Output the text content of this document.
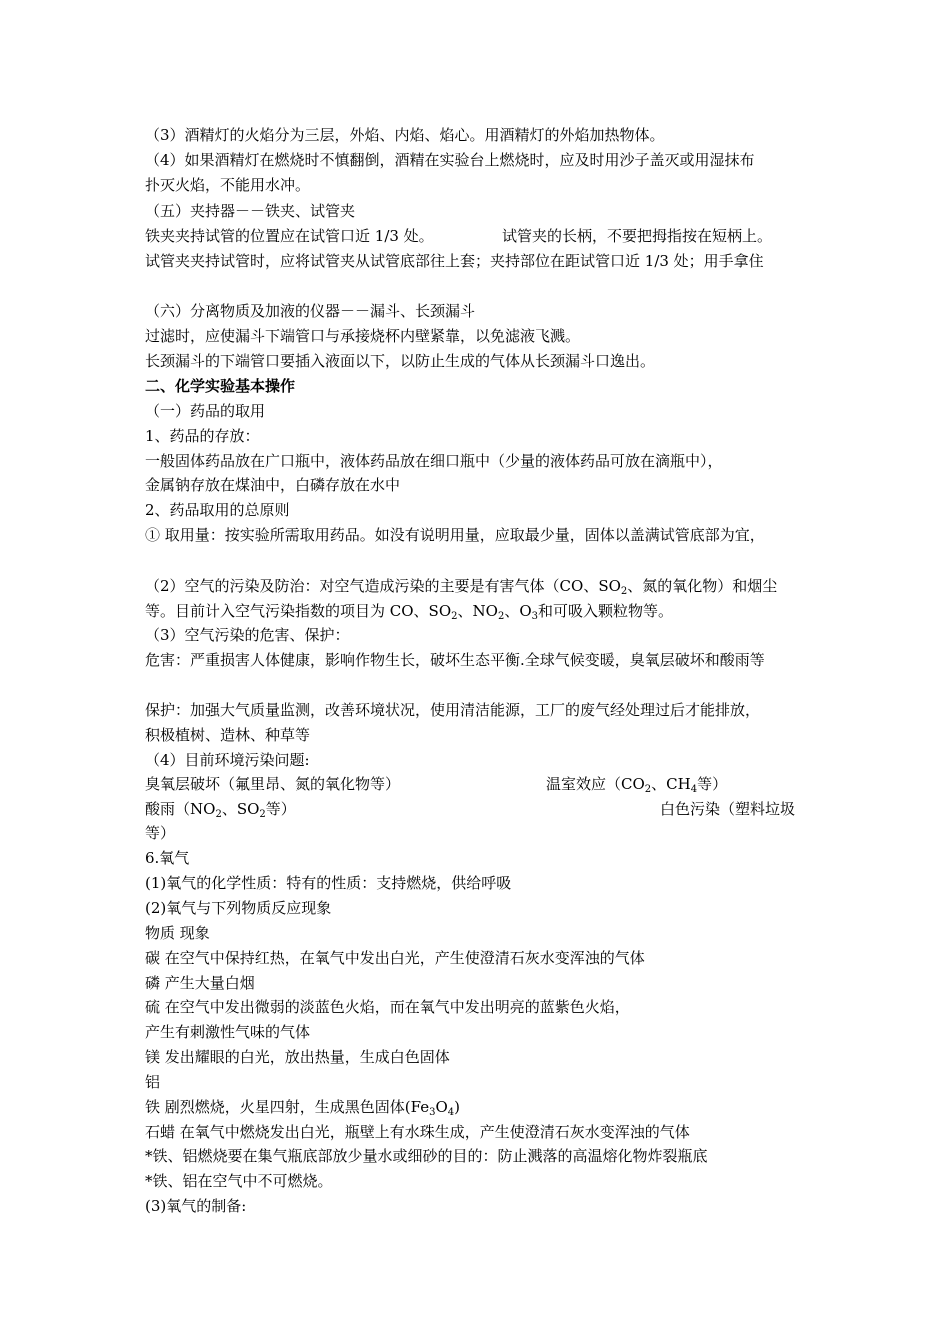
（3）酒精灯的火焰分为三层，外焰、内焰、焰心。用酒精灯的外焰加热物体。
（4）如果酒精灯在燃烧时不慎翻倒，酒精在实验台上燃烧时，应及时用沙子盖灭或用湿抹布
扑灭火焰，不能用水冲。
（五）夹持器－－铁夹、试管夹
铁夹夹持试管的位置应在试管口近 1/3 处。	试管夹的长柄，不要把拇指按在短柄上。
试管夹夹持试管时，应将试管夹从试管底部往上套；夹持部位在距试管口近 1/3 处；用手拿住
（六）分离物质及加液的仪器－－漏斗、长颈漏斗
过滤时，应使漏斗下端管口与承接烧杯内壁紧靠，以免滤液飞溅。
长颈漏斗的下端管口要插入液面以下，以防止生成的气体从长颈漏斗口逸出。
二、化学实验基本操作
（一）药品的取用
1、药品的存放：
一般固体药品放在广口瓶中，液体药品放在细口瓶中（少量的液体药品可放在滴瓶中），
金属钠存放在煤油中，白磷存放在水中
2、药品取用的总原则
① 取用量：按实验所需取用药品。如没有说明用量，应取最少量，固体以盖满试管底部为宜，
（2）空气的污染及防治：对空气造成污染的主要是有害气体（CO、$SO_2$、氮的氧化物）和烟尘
等。目前计入空气污染指数的项目为 CO、$SO_2$、$NO_2$、$O_3$和可吸入颗粒物等。
（3）空气污染的危害、保护：
危害：严重损害人体健康，影响作物生长，破坏生态平衡.全球气候变暖，臭氧层破坏和酸雨等
保护：加强大气质量监测，改善环境状况，使用清洁能源，工厂的废气经处理过后才能排放，
积极植树、造林、种草等
（4）目前环境污染问题:
臭氧层破坏（氟里昂、氮的氧化物等）	温室效应（$CO_2$、$CH_4$等）
酸雨（$NO_2$、$SO_2$等）	白色污染（塑料垃圾
等）
6.氧气
(1)氧气的化学性质：特有的性质：支持燃烧，供给呼吸
(2)氧气与下列物质反应现象
物质 现象
碳 在空气中保持红热，在氧气中发出白光，产生使澄清石灰水变浑浊的气体
磷 产生大量白烟
硫 在空气中发出微弱的淡蓝色火焰，而在氧气中发出明亮的蓝紫色火焰，
产生有刺激性气味的气体
镁 发出耀眼的白光，放出热量，生成白色固体
铝
铁 剧烈燃烧，火星四射，生成黑色固体$(Fe_3O_4)$
石蜡 在氧气中燃烧发出白光，瓶壁上有水珠生成，产生使澄清石灰水变浑浊的气体
*铁、铝燃烧要在集气瓶底部放少量水或细砂的目的：防止溅落的高温熔化物炸裂瓶底
*铁、铝在空气中不可燃烧。
(3)氧气的制备:
